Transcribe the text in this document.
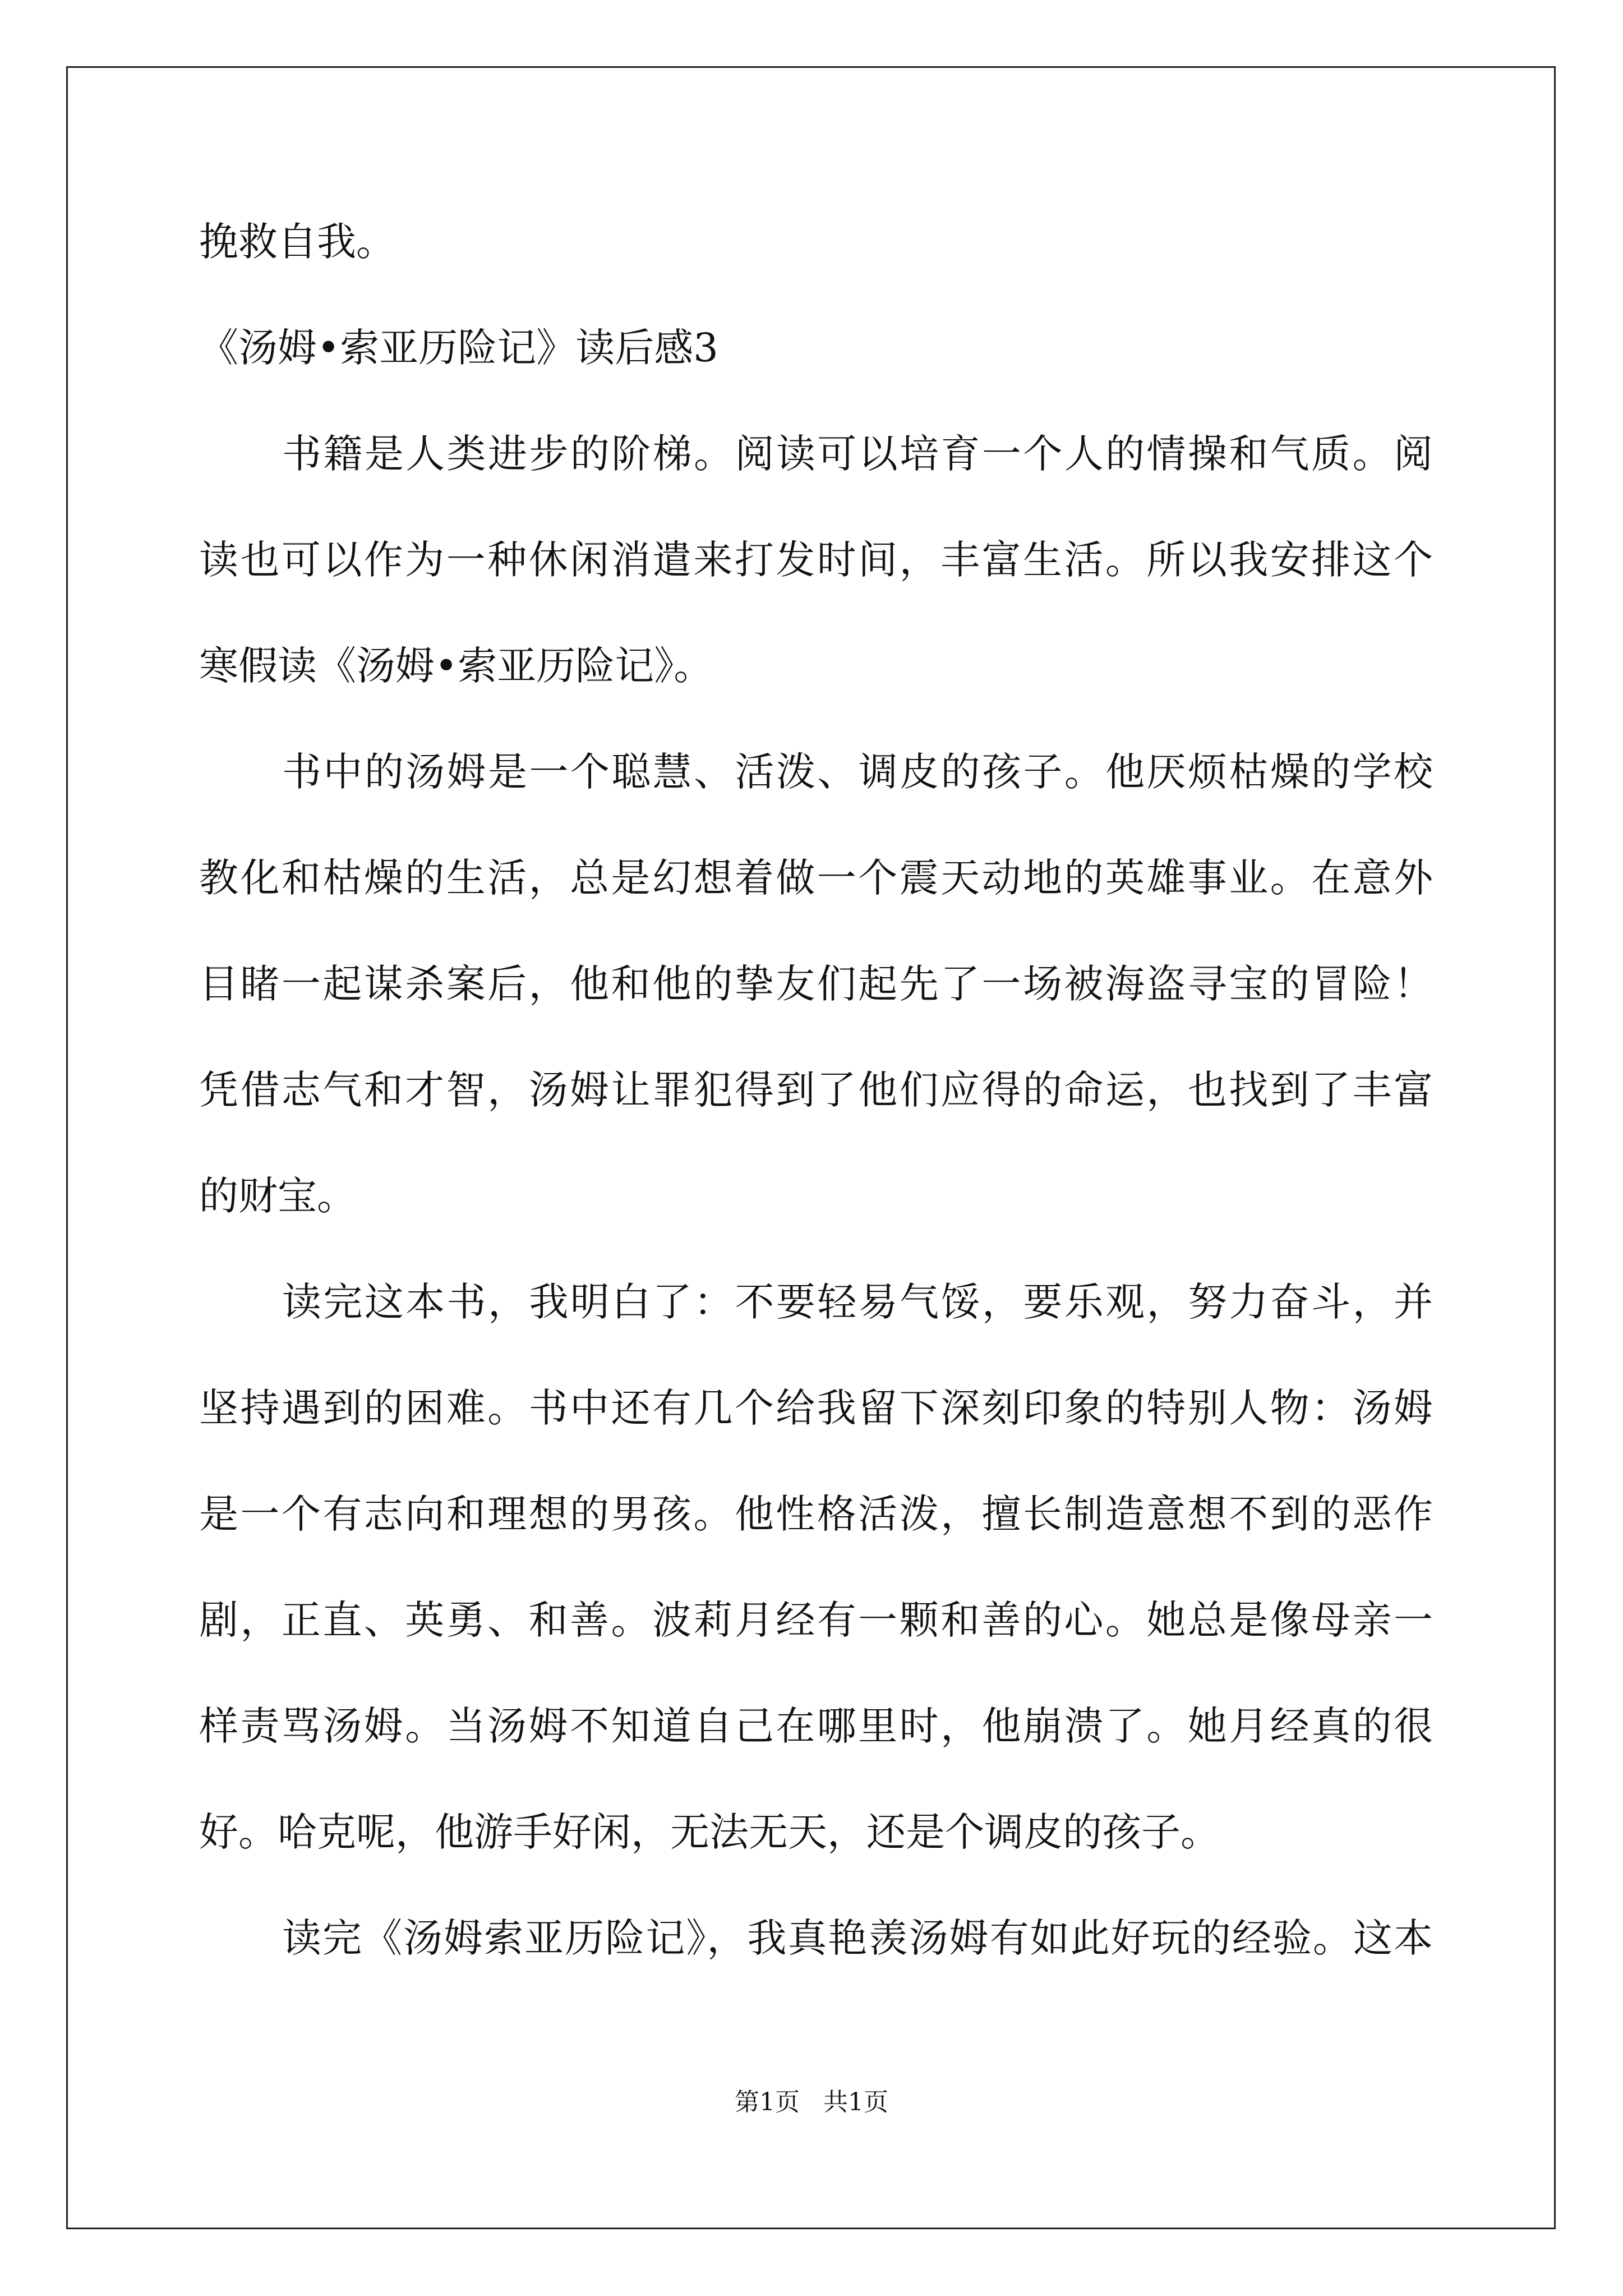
挽救自我。
《汤姆•索亚历险记》读后感3
书籍是人类进步的阶梯。阅读可以培育一个人的情操和气质。阅
读也可以作为一种休闲消遣来打发时间，丰富生活。所以我安排这个
寒假读《汤姆•索亚历险记》。
书中的汤姆是一个聪慧、活泼、调皮的孩子。他厌烦枯燥的学校
教化和枯燥的生活，总是幻想着做一个震天动地的英雄事业。在意外
目睹一起谋杀案后，他和他的挚友们起先了一场被海盗寻宝的冒险！
凭借志气和才智，汤姆让罪犯得到了他们应得的命运，也找到了丰富
的财宝。
读完这本书，我明白了：不要轻易气馁，要乐观，努力奋斗，并
坚持遇到的困难。书中还有几个给我留下深刻印象的特别人物：汤姆
是一个有志向和理想的男孩。他性格活泼，擅长制造意想不到的恶作
剧，正直、英勇、和善。波莉月经有一颗和善的心。她总是像母亲一
样责骂汤姆。当汤姆不知道自己在哪里时，他崩溃了。她月经真的很
好。哈克呢，他游手好闲，无法无天，还是个调皮的孩子。
读完《汤姆索亚历险记》，我真艳羡汤姆有如此好玩的经验。这本
第1页 共1页
